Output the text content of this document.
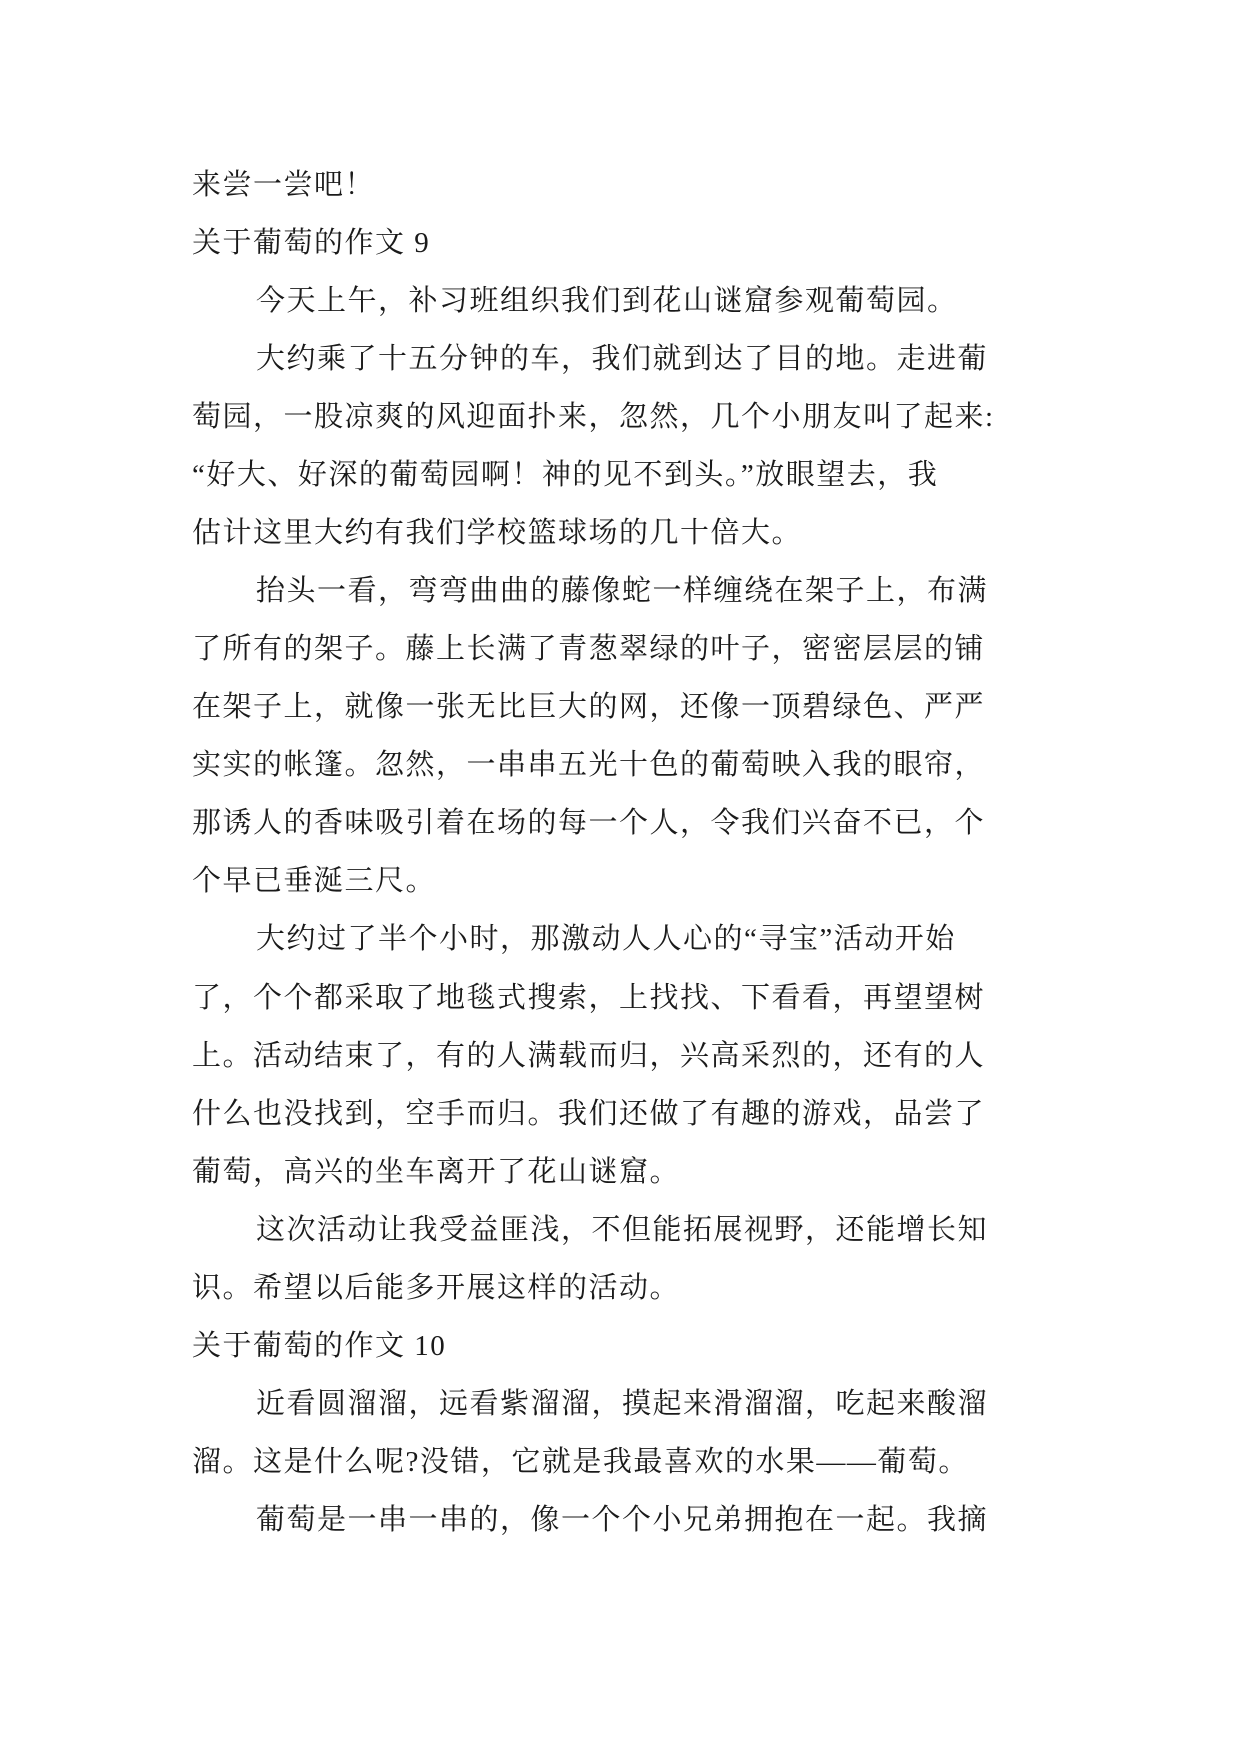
来尝一尝吧！

关于葡萄的作文 9

今天上午，补习班组织我们到花山谜窟参观葡萄园。

大约乘了十五分钟的车，我们就到达了目的地。走进葡

萄园，一股凉爽的风迎面扑来，忽然，几个小朋友叫了起来:

“好大、好深的葡萄园啊！神的见不到头。”放眼望去，我

估计这里大约有我们学校篮球场的几十倍大。

抬头一看，弯弯曲曲的藤像蛇一样缠绕在架子上，布满

了所有的架子。藤上长满了青葱翠绿的叶子，密密层层的铺

在架子上，就像一张无比巨大的网，还像一顶碧绿色、严严

实实的帐篷。忽然，一串串五光十色的葡萄映入我的眼帘，

那诱人的香味吸引着在场的每一个人，令我们兴奋不已，个

个早已垂涎三尺。

大约过了半个小时，那激动人人心的“寻宝”活动开始

了，个个都采取了地毯式搜索，上找找、下看看，再望望树

上。活动结束了，有的人满载而归，兴高采烈的，还有的人

什么也没找到，空手而归。我们还做了有趣的游戏，品尝了

葡萄，高兴的坐车离开了花山谜窟。

这次活动让我受益匪浅，不但能拓展视野，还能增长知

识。希望以后能多开展这样的活动。

关于葡萄的作文 10

近看圆溜溜，远看紫溜溜，摸起来滑溜溜，吃起来酸溜

溜。这是什么呢?没错，它就是我最喜欢的水果——葡萄。

葡萄是一串一串的，像一个个小兄弟拥抱在一起。我摘
